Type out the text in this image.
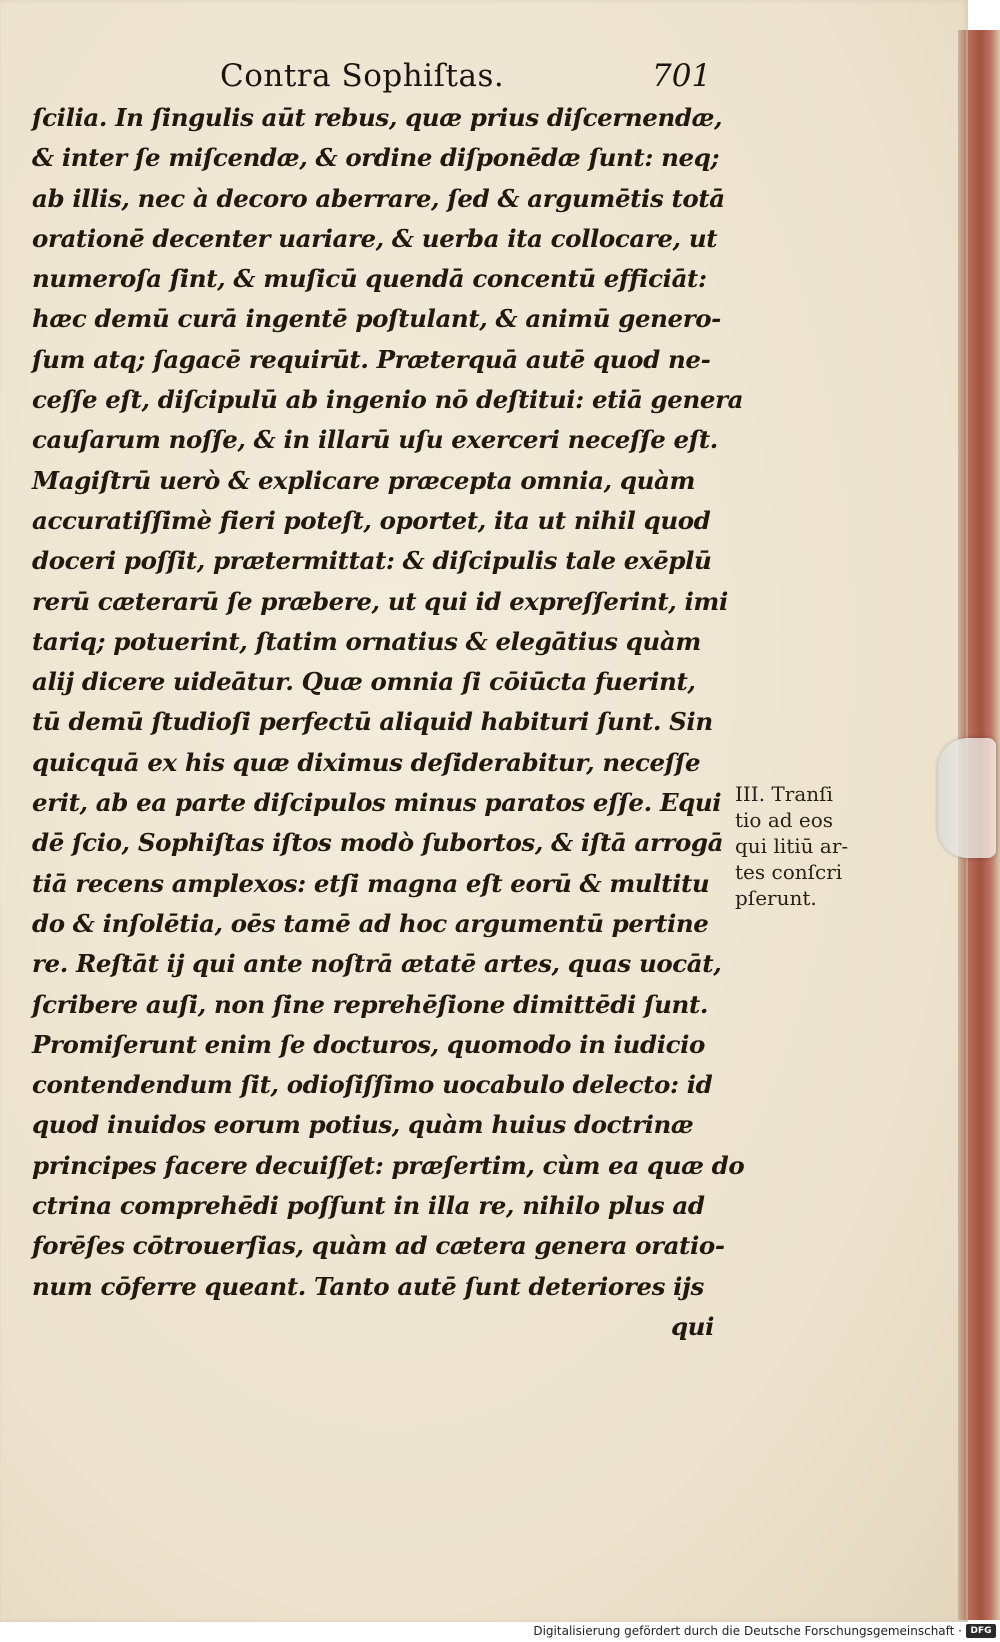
Contra Sophiſtas.	701
ſcilia. In ſingulis aūt rebus, quæ prius diſcernendæ,
& inter ſe miſcendæ, & ordine diſponēdæ ſunt: neq;
ab illis, nec à decoro aberrare, ſed & argumētis totā
orationē decenter uariare, & uerba ita collocare, ut
numeroſa ſint, & muſicū quendā concentū efficiāt:
hæc demū curā ingentē poſtulant, & animū genero-
ſum atq; ſagacē requirūt. Præterquā autē quod ne-
ceſſe eſt, diſcipulū ab ingenio nō deſtitui: etiā genera
cauſarum noſſe, & in illarū uſu exerceri neceſſe eſt.
Magiſtrū uerò & explicare præcepta omnia, quàm
accuratiſſimè fieri poteſt, oportet, ita ut nihil quod
doceri poſſit, prætermittat: & diſcipulis tale exēplū
rerū cæterarū ſe præbere, ut qui id expreſſerint, imi
tariq; potuerint, ſtatim ornatius & elegātius quàm
alij dicere uideātur. Quæ omnia ſi cōiūcta fuerint,
tū demū ſtudioſi perfectū aliquid habituri ſunt. Sin
quicquā ex his quæ diximus deſiderabitur, neceſſe
erit, ab ea parte diſcipulos minus paratos eſſe. Equi
dē ſcio, Sophiſtas iſtos modò ſubortos, & iſtā arrogā
tiā recens amplexos: etſi magna eſt eorū & multitu
do & inſolētia, oēs tamē ad hoc argumentū pertine
re. Reſtāt ij qui ante noſtrā ætatē artes, quas uocāt,
ſcribere auſi, non ſine reprehēſione dimittēdi ſunt.
Promiſerunt enim ſe docturos, quomodo in iudicio
contendendum ſit, odioſiſſimo uocabulo delecto: id
quod inuidos eorum potius, quàm huius doctrinæ
principes facere decuiſſet: præſertim, cùm ea quæ do
ctrina comprehēdi poſſunt in illa re, nihilo plus ad
forēſes cōtrouerſias, quàm ad cætera genera oratio-
num cōferre queant. Tanto autē ſunt deteriores ijs
qui
III. Tranſi
tio ad eos
qui litiū ar-
tes conſcri
pſerunt.
Digitalisierung gefördert durch die Deutsche Forschungsgemeinschaft · DFG
